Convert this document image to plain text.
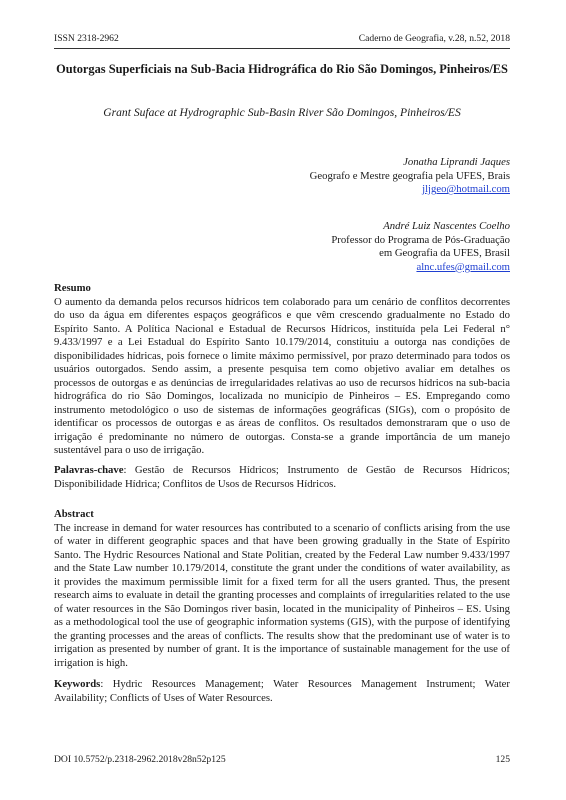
ISSN 2318-2962	Caderno de Geografia, v.28, n.52, 2018
Outorgas Superficiais na Sub-Bacia Hidrográfica do Rio São Domingos, Pinheiros/ES
Grant Suface at Hydrographic Sub-Basin River São Domingos, Pinheiros/ES
Jonatha Liprandi Jaques
Geografo e Mestre geografia pela UFES, Brais
jljgeo@hotmail.com
André Luiz Nascentes Coelho
Professor do Programa de Pós-Graduação
em Geografia da UFES, Brasil
alnc.ufes@gmail.com
Resumo

O aumento da demanda pelos recursos hídricos tem colaborado para um cenário de conflitos decorrentes do uso da água em diferentes espaços geográficos e que vêm crescendo gradualmente no Estado do Espírito Santo. A Política Nacional e Estadual de Recursos Hídricos, instituída pela Lei Federal n° 9.433/1997 e a Lei Estadual do Espírito Santo 10.179/2014, constituiu a outorga nas condições de disponibilidades hídricas, pois fornece o limite máximo permissível, por prazo determinado para todos os usuários outorgados. Sendo assim, a presente pesquisa tem como objetivo avaliar em detalhes os processos de outorgas e as denúncias de irregularidades relativas ao uso de recursos hídricos na sub-bacia hidrográfica do rio São Domingos, localizada no município de Pinheiros – ES. Empregando como instrumento metodológico o uso de sistemas de informações geográficas (SIGs), com o propósito de identificar os processos de outorgas e as áreas de conflitos. Os resultados demonstraram que o uso de irrigação é predominante no número de outorgas. Consta-se a grande importância de um manejo sustentável para o uso de irrigação.

Palavras-chave: Gestão de Recursos Hídricos; Instrumento de Gestão de Recursos Hídricos; Disponibilidade Hídrica; Conflitos de Usos de Recursos Hídricos.

Abstract

The increase in demand for water resources has contributed to a scenario of conflicts arising from the use of water in different geographic spaces and that have been growing gradually in the State of Espírito Santo. The Hydric Resources National and State Politian, created by the Federal Law number 9.433/1997 and the State Law number 10.179/2014, constitute the grant under the conditions of water availability, as it provides the maximum permissible limit for a fixed term for all the users granted. Thus, the present research aims to evaluate in detail the granting processes and complaints of irregularities related to the use of water resources in the São Domingos river basin, located in the municipality of Pinheiros – ES. Using as a methodological tool the use of geographic information systems (GIS), with the purpose of identifying the granting processes and the areas of conflicts. The results show that the predominant use of water is to irrigation as presented by number of grant. It is the importance of sustainable management for the use of irrigation is high.

Keywords: Hydric Resources Management; Water Resources Management Instrument; Water Availability; Conflicts of Uses of Water Resources.

DOI 10.5752/p.2318-2962.2018v28n52p125	125
